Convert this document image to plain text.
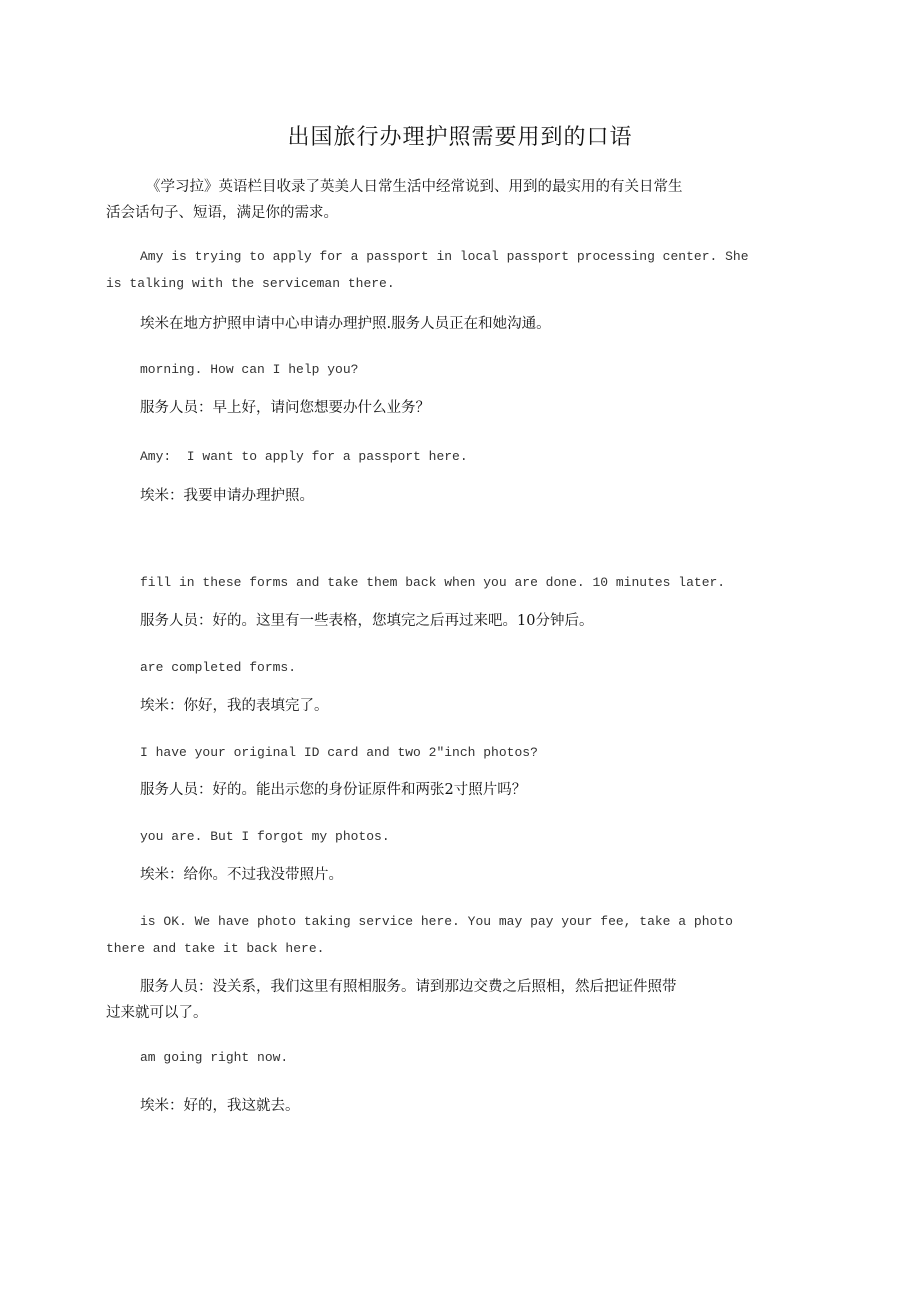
出国旅行办理护照需要用到的口语

《学习拉》英语栏目收录了英美人日常生活中经常说到、用到的最实用的有关日常生
活会话句子、短语，满足你的需求。

Amy is trying to apply for a passport in local passport processing center. She
is talking with the serviceman there.

埃米在地方护照申请中心申请办理护照.服务人员正在和她沟通。

morning. How can I help you?

服务人员：早上好，请问您想要办什么业务？

Amy:  I want to apply for a passport here.

埃米：我要申请办理护照。

fill in these forms and take them back when you are done. 10 minutes later.

服务人员：好的。这里有一些表格，您填完之后再过来吧。10分钟后。

are completed forms.

埃米：你好，我的表填完了。

I have your original ID card and two 2"inch photos?

服务人员：好的。能出示您的身份证原件和两张2寸照片吗？

you are. But I forgot my photos.

埃米：给你。不过我没带照片。

is OK. We have photo taking service here. You may pay your fee, take a photo
there and take it back here.

服务人员：没关系，我们这里有照相服务。请到那边交费之后照相，然后把证件照带
过来就可以了。

am going right now.

埃米：好的，我这就去。
